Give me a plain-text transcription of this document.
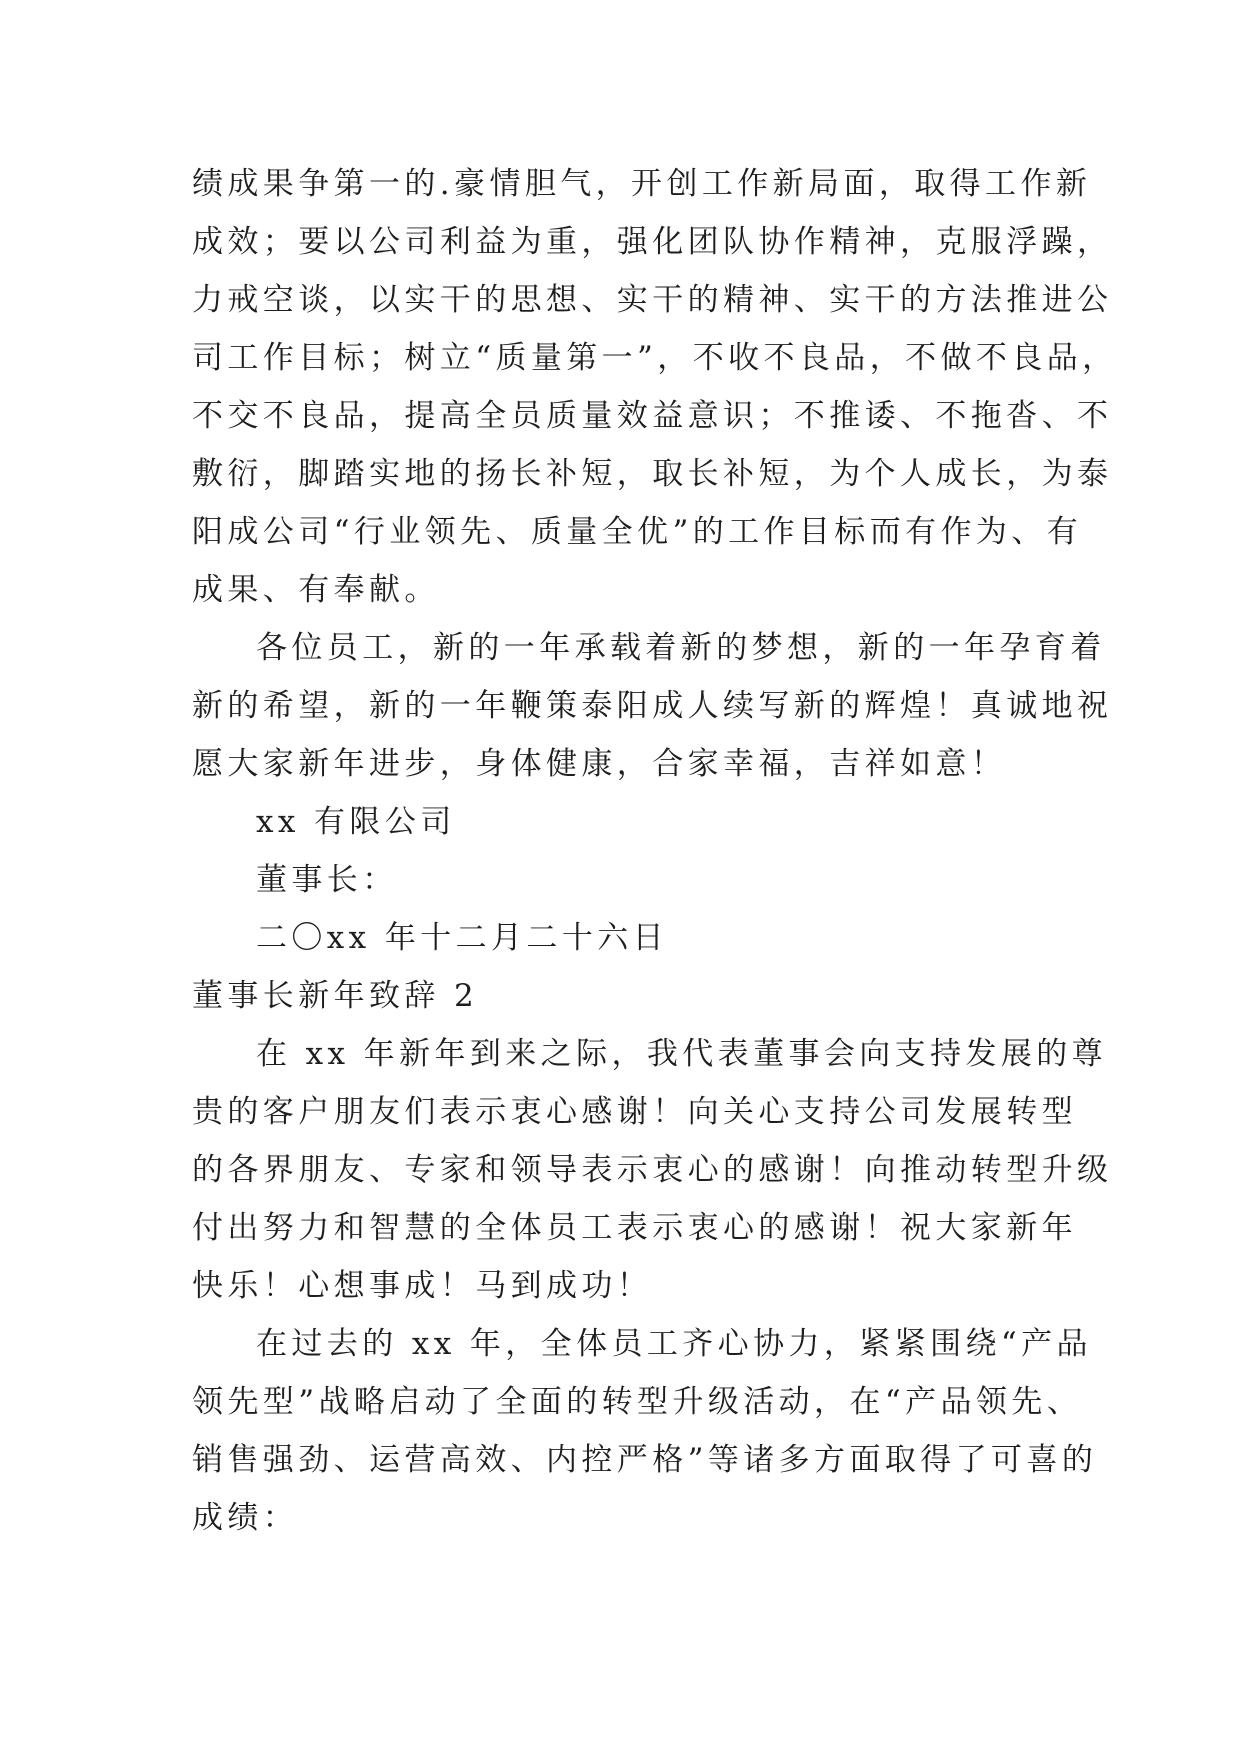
绩成果争第一的.豪情胆气，开创工作新局面，取得工作新
成效；要以公司利益为重，强化团队协作精神，克服浮躁，
力戒空谈，以实干的思想、实干的精神、实干的方法推进公
司工作目标；树立“质量第一”，不收不良品，不做不良品，
不交不良品，提高全员质量效益意识；不推诿、不拖沓、不
敷衍，脚踏实地的扬长补短，取长补短，为个人成长，为泰
阳成公司“行业领先、质量全优”的工作目标而有作为、有
成果、有奉献。
各位员工，新的一年承载着新的梦想，新的一年孕育着
新的希望，新的一年鞭策泰阳成人续写新的辉煌！真诚地祝
愿大家新年进步，身体健康，合家幸福，吉祥如意！
xx 有限公司
董事长：
二〇xx 年十二月二十六日
董事长新年致辞 2
在 xx 年新年到来之际，我代表董事会向支持发展的尊
贵的客户朋友们表示衷心感谢！向关心支持公司发展转型
的各界朋友、专家和领导表示衷心的感谢！向推动转型升级
付出努力和智慧的全体员工表示衷心的感谢！祝大家新年
快乐！心想事成！马到成功！
在过去的 xx 年，全体员工齐心协力，紧紧围绕“产品
领先型”战略启动了全面的转型升级活动，在“产品领先、
销售强劲、运营高效、内控严格”等诸多方面取得了可喜的
成绩：
